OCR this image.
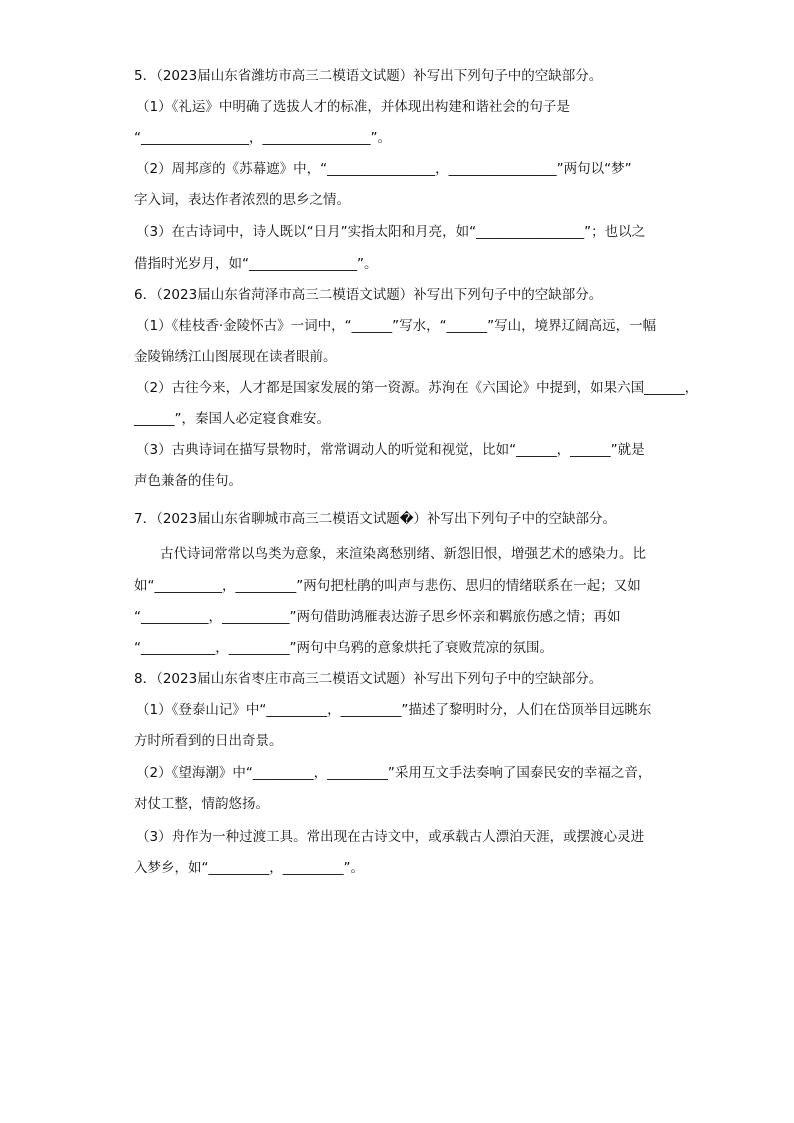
5．（2023届山东省潍坊市高三二模语文试题）补写出下列句子中的空缺部分。
（1）《礼运》中明确了选拔人才的标准，并体现出构建和谐社会的句子是
“________________，________________”。
（2）周邦彦的《苏幕遮》中，“________________，________________”两句以“梦”
字入词，表达作者浓烈的思乡之情。
（3）在古诗词中，诗人既以“日月”实指太阳和月亮，如“________________”；也以之
借指时光岁月，如“________________”。
6．（2023届山东省菏泽市高三二模语文试题）补写出下列句子中的空缺部分。
（1）《桂枝香·金陵怀古》一词中，“______”写水，“______”写山，境界辽阔高远，一幅
金陵锦绣江山图展现在读者眼前。
（2）古往今来，人才都是国家发展的第一资源。苏洵在《六国论》中提到，如果六国______，
______”，秦国人必定寝食难安。
（3）古典诗词在描写景物时，常常调动人的听觉和视觉，比如“______，______”就是
声色兼备的佳句。
7．（2023届山东省聊城市高三二模语文试题�）补写出下列句子中的空缺部分。
古代诗词常常以鸟类为意象，来渲染离愁别绪、新怨旧恨，增强艺术的感染力。比
如“__________，_________”两句把杜鹃的叫声与悲伤、思归的情绪联系在一起；又如
“__________，__________”两句借助鸿雁表达游子思乡怀亲和羁旅伤感之情；再如
“___________，_________”两句中乌鸦的意象烘托了衰败荒凉的氛围。
8．（2023届山东省枣庄市高三二模语文试题）补写出下列句子中的空缺部分。
（1）《登泰山记》中“_________，_________”描述了黎明时分，人们在岱顶举目远眺东
方时所看到的日出奇景。
（2）《望海潮》中“_________，_________”采用互文手法奏响了国泰民安的幸福之音，
对仗工整，情韵悠扬。
（3）舟作为一种过渡工具。常出现在古诗文中，或承载古人漂泊天涯，或摆渡心灵进
入梦乡，如“_________，_________”。
